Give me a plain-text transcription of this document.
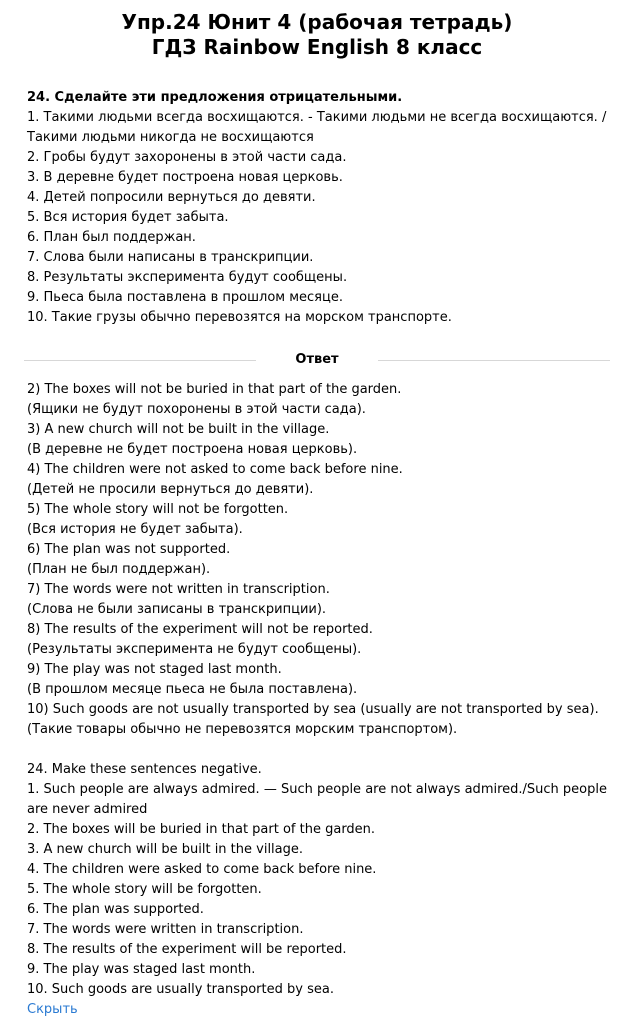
Упр.24 Юнит 4 (рабочая тетрадь)
ГДЗ Rainbow English 8 класс
24. Сделайте эти предложения отрицательными.
1. Такими людьми всегда восхищаются. - Такими людьми не всегда восхищаются. / Такими людьми никогда не восхищаются
2. Гробы будут захоронены в этой части сада.
3. В деревне будет построена новая церковь.
4. Детей попросили вернуться до девяти.
5. Вся история будет забыта.
6. План был поддержан.
7. Слова были написаны в транскрипции.
8. Результаты эксперимента будут сообщены.
9. Пьеса была поставлена в прошлом месяце.
10. Такие грузы обычно перевозятся на морском транспорте.
Ответ
2) The boxes will not be buried in that part of the garden.
(Ящики не будут похоронены в этой части сада).
3) A new church will not be built in the village.
(В деревне не будет построена новая церковь).
4) The children were not asked to come back before nine.
(Детей не просили вернуться до девяти).
5) The whole story will not be forgotten.
(Вся история не будет забыта).
6) The plan was not supported.
(План не был поддержан).
7) The words were not written in transcription.
(Слова не были записаны в транскрипции).
8) The results of the experiment will not be reported.
(Результаты эксперимента не будут сообщены).
9) The play was not staged last month.
(В прошлом месяце пьеса не была поставлена).
10) Such goods are not usually transported by sea (usually are not transported by sea).
(Такие товары обычно не перевозятся морским транспортом).
24. Make these sentences negative.
1. Such people are always admired. — Such people are not always admired./Such people are never admired
2. The boxes will be buried in that part of the garden.
3. A new church will be built in the village.
4. The children were asked to come back before nine.
5. The whole story will be forgotten.
6. The plan was supported.
7. The words were written in transcription.
8. The results of the experiment will be reported.
9. The play was staged last month.
10. Such goods are usually transported by sea.
Скрыть
